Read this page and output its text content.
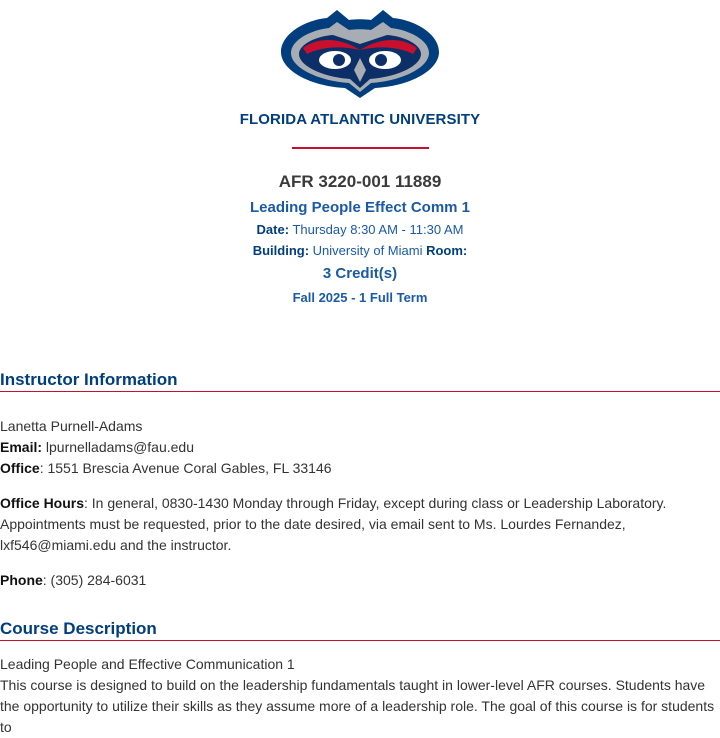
FLORIDA ATLANTIC UNIVERSITY
AFR 3220-001 11889
Leading People Effect Comm 1
Date: Thursday 8:30 AM - 11:30 AM
Building: University of Miami Room:
3 Credit(s)
Fall 2025 - 1 Full Term
Instructor Information
Lanetta Purnell-Adams
Email: lpurnelladams@fau.edu
Office: 1551 Brescia Avenue Coral Gables, FL 33146
Office Hours: In general, 0830-1430 Monday through Friday, except during class or Leadership Laboratory. Appointments must be requested, prior to the date desired, via email sent to Ms. Lourdes Fernandez, lxf546@miami.edu and the instructor.
Phone: (305) 284-6031
Course Description
Leading People and Effective Communication 1
This course is designed to build on the leadership fundamentals taught in lower-level AFR courses. Students have the opportunity to utilize their skills as they assume more of a leadership role. The goal of this course is for students to
